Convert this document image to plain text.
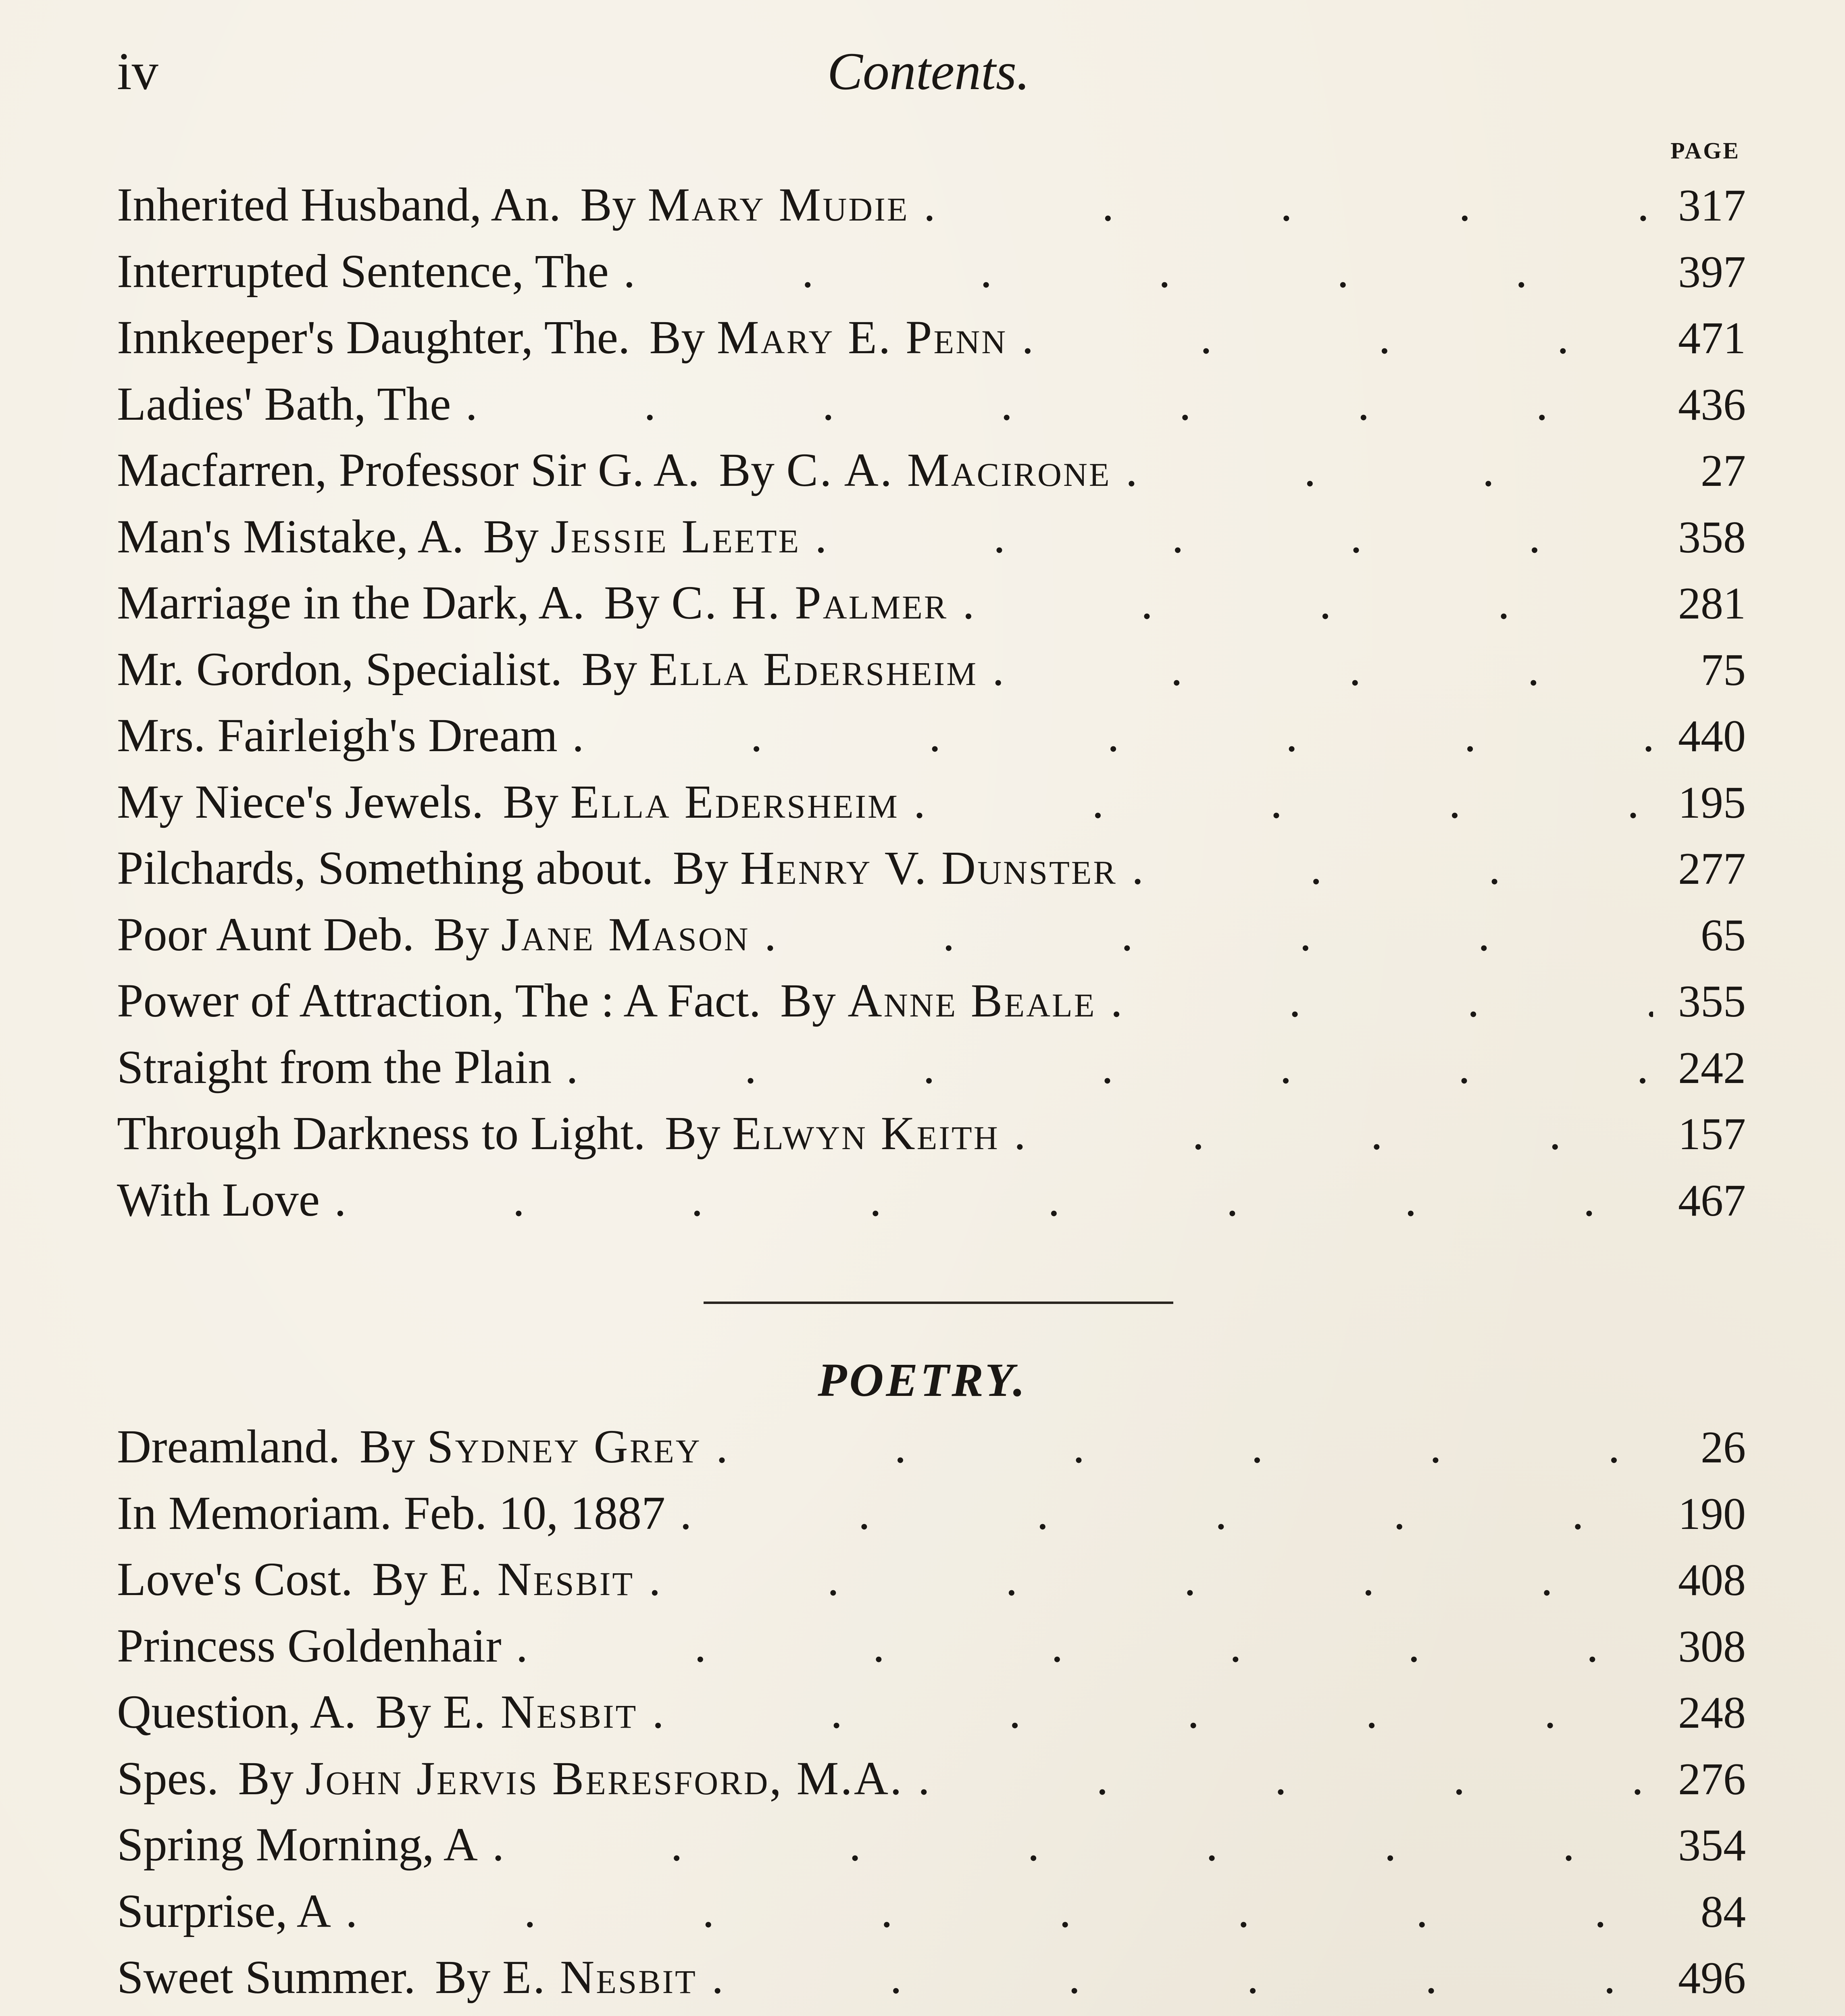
iv	Contents.
PAGE
Inherited Husband, An. By Mary Mudie .	317
Interrupted Sentence, The .	397
Innkeeper's Daughter, The. By Mary E. Penn .	471
Ladies' Bath, The .	436
Macfarren, Professor Sir G. A. By C. A. Macirone .	27
Man's Mistake, A. By Jessie Leete .	358
Marriage in the Dark, A. By C. H. Palmer .	281
Mr. Gordon, Specialist. By Ella Edersheim .	75
Mrs. Fairleigh's Dream .	440
My Niece's Jewels. By Ella Edersheim .	195
Pilchards, Something about. By Henry V. Dunster .	277
Poor Aunt Deb. By Jane Mason .	65
Power of Attraction, The : A Fact. By Anne Beale .	355
Straight from the Plain .	242
Through Darkness to Light. By Elwyn Keith .	157
With Love .	467
POETRY.
Dreamland. By Sydney Grey .	26
In Memoriam. Feb. 10, 1887 .	190
Love's Cost. By E. Nesbit .	408
Princess Goldenhair .	308
Question, A. By E. Nesbit .	248
Spes. By John Jervis Beresford, M.A. .	276
Spring Morning, A .	354
Surprise, A .	84
Sweet Summer. By E. Nesbit .	496
